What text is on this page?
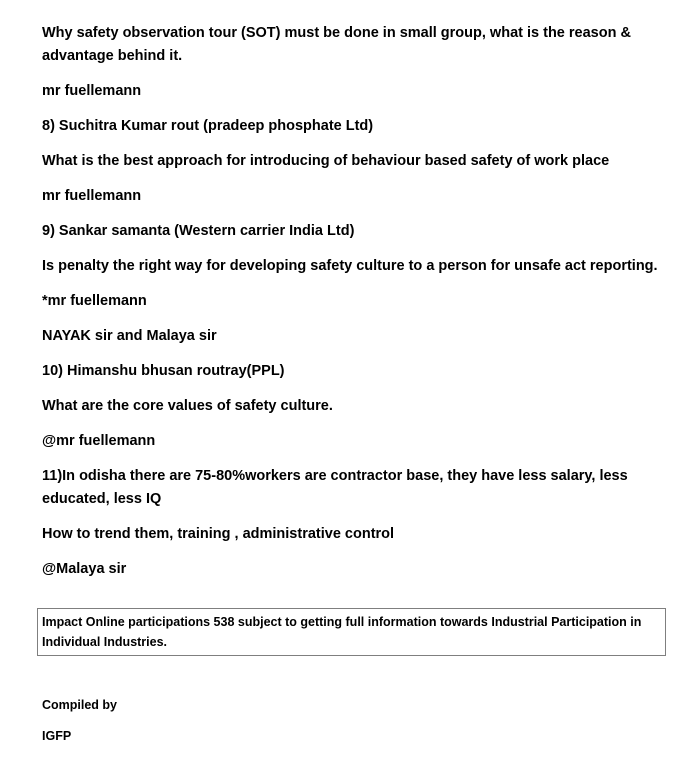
Why safety observation tour (SOT) must be done in small group, what is the reason & advantage behind it.

mr fuellemann

8) Suchitra Kumar rout (pradeep phosphate Ltd)

What is the best approach for introducing of behaviour based safety of work place

mr fuellemann

9) Sankar samanta (Western carrier India Ltd)

Is penalty the right way for developing safety culture to a person for unsafe act reporting.

*mr fuellemann

NAYAK sir and Malaya sir

10) Himanshu bhusan routray(PPL)

What are the core values of safety culture.

@mr fuellemann

11)In odisha there are 75-80%workers are contractor base, they have less salary, less educated, less IQ

How to trend them, training , administrative control

@Malaya sir

Impact Online participations 538 subject to getting full information towards Industrial Participation in Individual Industries.
Compiled by
IGFP
